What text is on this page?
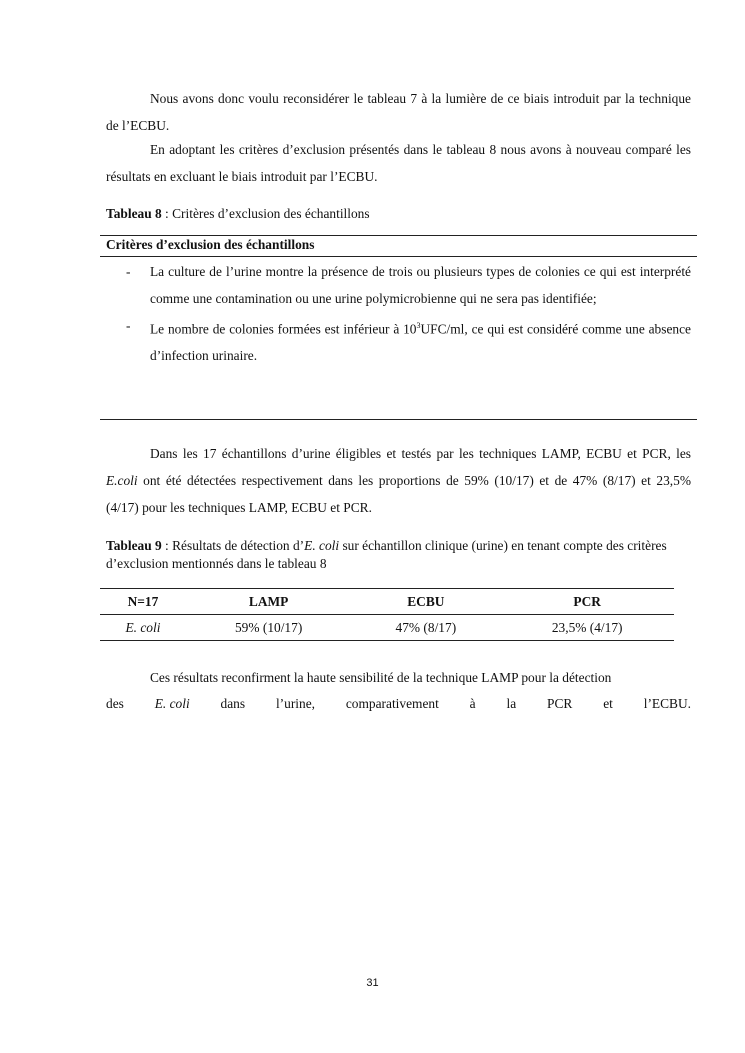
Nous avons donc voulu reconsidérer le tableau 7 à la lumière de ce biais introduit par la technique de l’ECBU.

En adoptant les critères d’exclusion présentés dans le tableau 8 nous avons à nouveau comparé les résultats en excluant le biais introduit par l’ECBU.

Tableau 8 : Critères d’exclusion des échantillons

Critères d’exclusion des échantillons
- La culture de l’urine montre la présence de trois ou plusieurs types de colonies ce qui est interprété comme une contamination ou une urine polymicrobienne qui ne sera pas identifiée;
- Le nombre de colonies formées est inférieur à $10^3UFC/ml$, ce qui est considéré comme une absence d’infection urinaire.

Dans les 17 échantillons d’urine éligibles et testés par les techniques LAMP, ECBU et PCR, les E.coli ont été détectées respectivement dans les proportions de 59% (10/17) et de 47% (8/17) et 23,5% (4/17) pour les techniques LAMP, ECBU et PCR.

Tableau 9 : Résultats de détection d’E. coli sur échantillon clinique (urine) en tenant compte des critères d’exclusion mentionnés dans le tableau 8

N=17	LAMP	ECBU	PCR
E. coli	59% (10/17)	47% (8/17)	23,5% (4/17)

Ces résultats reconfirment la haute sensibilité de la technique LAMP pour la détection

des E. coli dans l’urine, comparativement à la PCR et l’ECBU.
31
